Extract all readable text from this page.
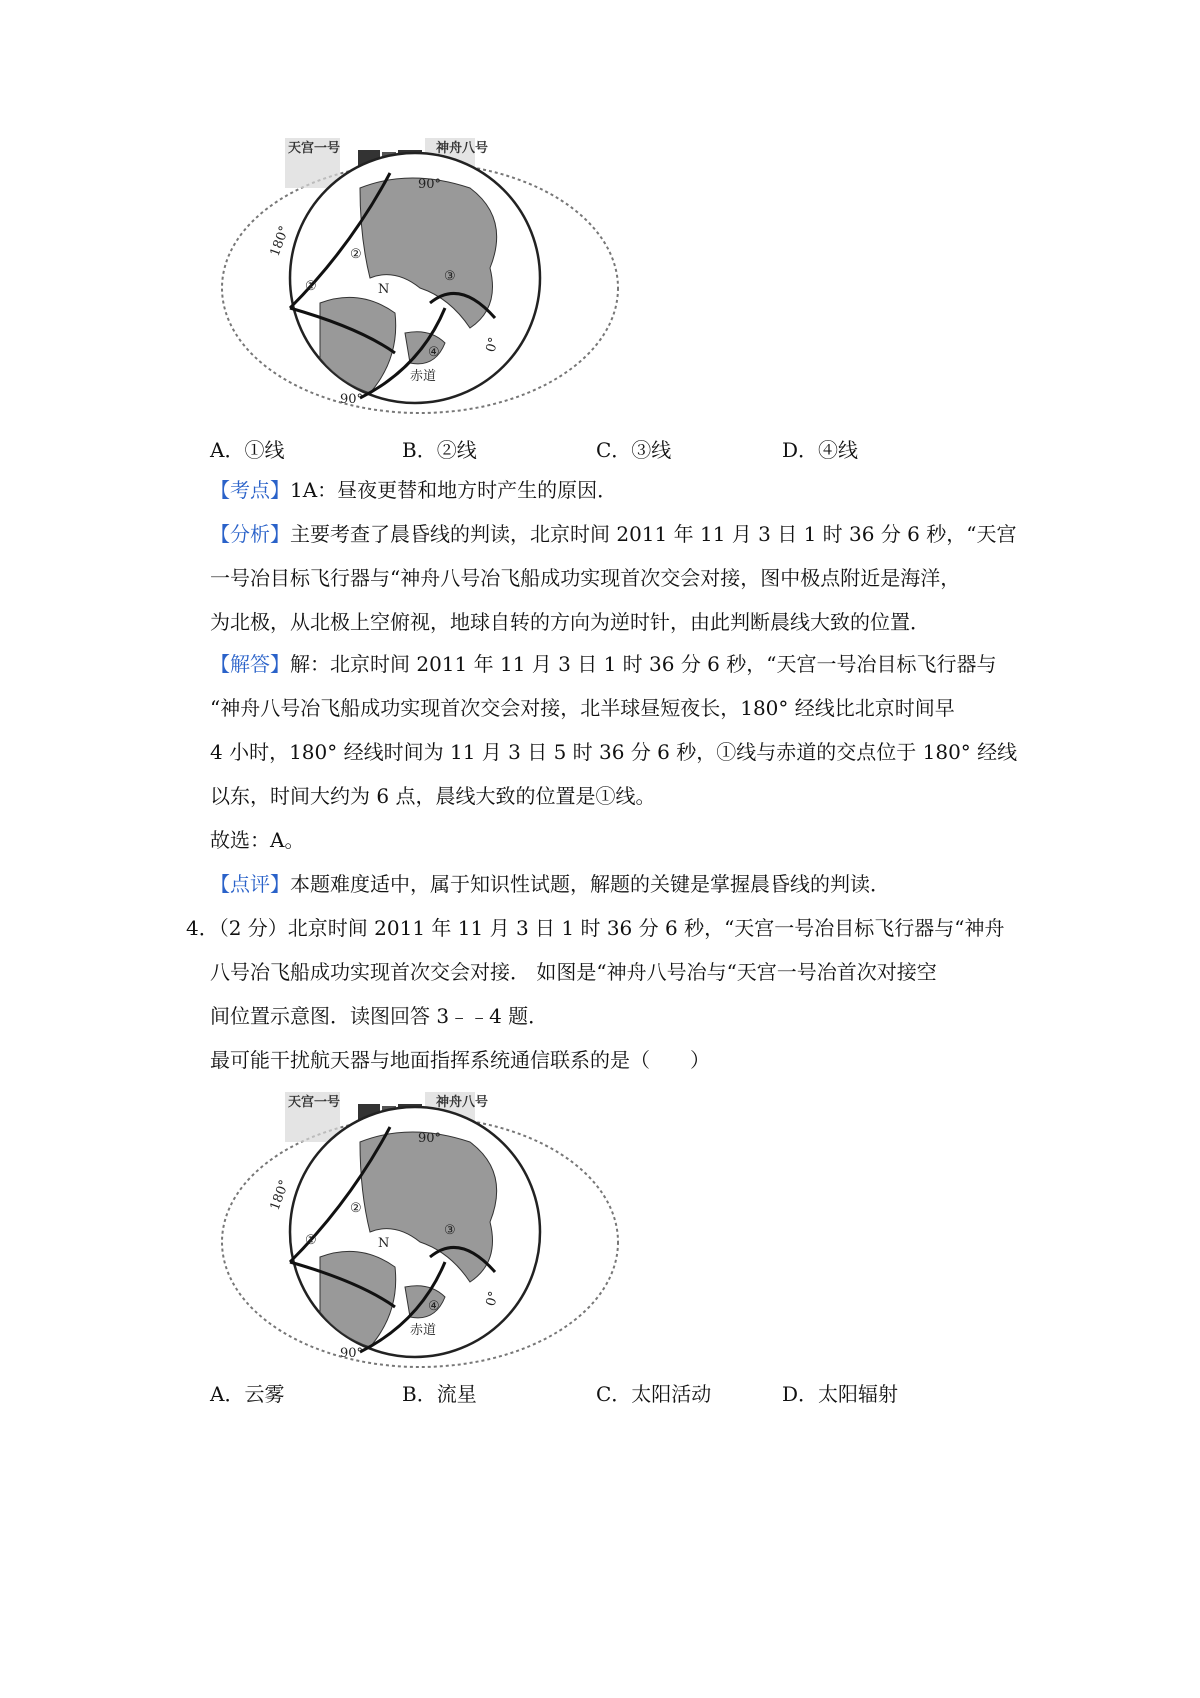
天宫一号	神舟八号
90°
180°
0°
90°
N
赤道
①
②
③
④
A．①线	B．②线	C．③线	D．④线
【考点】1A：昼夜更替和地方时产生的原因．
【分析】主要考查了晨昏线的判读，北京时间 2011 年 11 月 3 日 1 时 36 分 6 秒，“天宫
一号冶目标飞行器与“神舟八号冶飞船成功实现首次交会对接，图中极点附近是海洋，
为北极，从北极上空俯视，地球自转的方向为逆时针，由此判断晨线大致的位置．
【解答】解：北京时间 2011 年 11 月 3 日 1 时 36 分 6 秒，“天宫一号冶目标飞行器与
“神舟八号冶飞船成功实现首次交会对接，北半球昼短夜长，180° 经线比北京时间早
4 小时，180° 经线时间为 11 月 3 日 5 时 36 分 6 秒，①线与赤道的交点位于 180° 经线
以东，时间大约为 6 点，晨线大致的位置是①线。
故选：A。
【点评】本题难度适中，属于知识性试题，解题的关键是掌握晨昏线的判读．
4．（2 分）北京时间 2011 年 11 月 3 日 1 时 36 分 6 秒，“天宫一号冶目标飞行器与“神舟
八号冶飞船成功实现首次交会对接． 如图是“神舟八号冶与“天宫一号冶首次对接空
间位置示意图．读图回答 3﹣﹣4 题．
最可能干扰航天器与地面指挥系统通信联系的是（　　）
天宫一号	神舟八号
90°
180°
0°
90°
N
赤道
①
②
③
④
A．云雾	B．流星	C．太阳活动	D．太阳辐射
